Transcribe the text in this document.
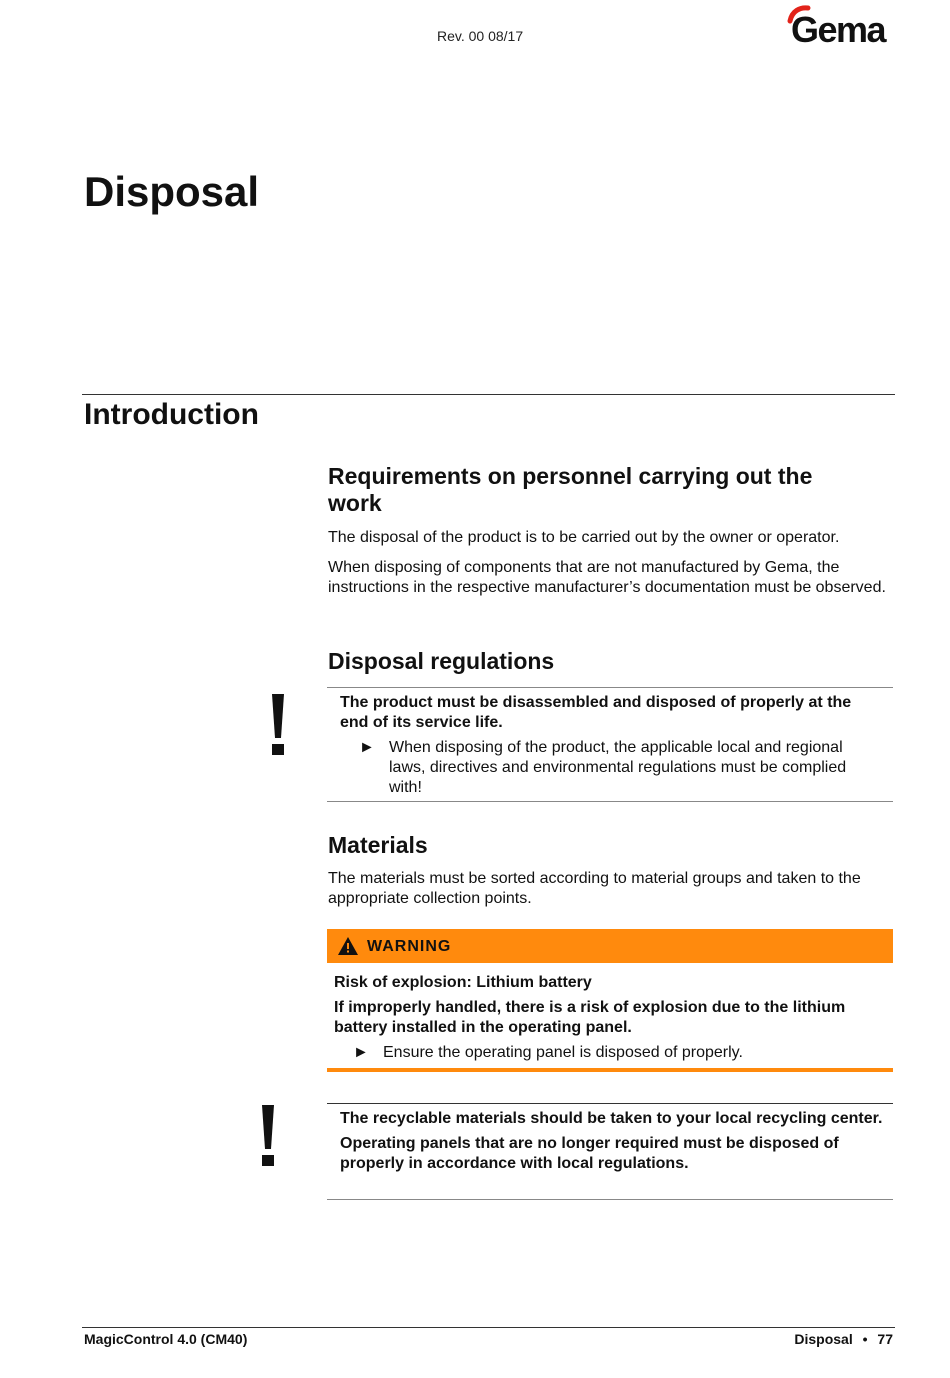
Rev. 00 08/17	Gema
Disposal
Introduction
Requirements on personnel carrying out the work

The disposal of the product is to be carried out by the owner or operator.

When disposing of components that are not manufactured by Gema, the instructions in the respective manufacturer’s documentation must be observed.

Disposal regulations

The product must be disassembled and disposed of properly at the end of its service life.

► When disposing of the product, the applicable local and regional laws, directives and environmental regulations must be complied with!
Materials

The materials must be sorted according to material groups and taken to the appropriate collection points.

WARNING

Risk of explosion: Lithium battery

If improperly handled, there is a risk of explosion due to the lithium battery installed in the operating panel.

► Ensure the operating panel is disposed of properly.

The recyclable materials should be taken to your local recycling center.

Operating panels that are no longer required must be disposed of properly in accordance with local regulations.

MagicControl 4.0 (CM40)	Disposal • 77
